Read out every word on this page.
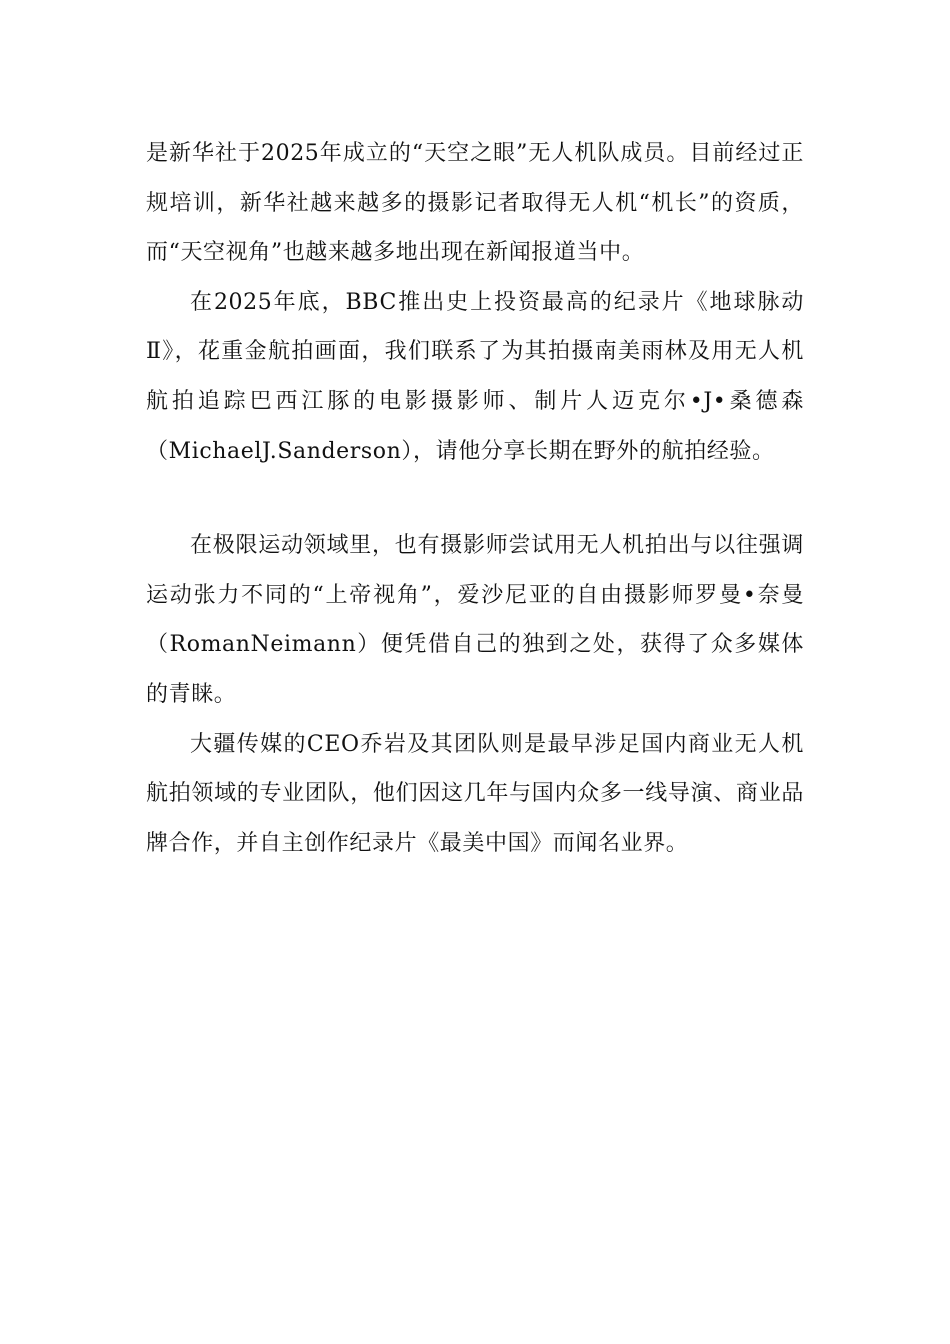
是新华社于2025年成立的“天空之眼”无人机队成员。目前经过正规培训，新华社越来越多的摄影记者取得无人机“机长”的资质，而“天空视角”也越来越多地出现在新闻报道当中。

在2025年底，BBC推出史上投资最高的纪录片《地球脉动Ⅱ》，花重金航拍画面，我们联系了为其拍摄南美雨林及用无人机航拍追踪巴西江豚的电影摄影师、制片人迈克尔•J•桑德森（MichaelJ.Sanderson），请他分享长期在野外的航拍经验。

在极限运动领域里，也有摄影师尝试用无人机拍出与以往强调运动张力不同的“上帝视角”，爱沙尼亚的自由摄影师罗曼•奈曼（RomanNeimann）便凭借自己的独到之处，获得了众多媒体的青睐。

大疆传媒的CEO乔岩及其团队则是最早涉足国内商业无人机航拍领域的专业团队，他们因这几年与国内众多一线导演、商业品牌合作，并自主创作纪录片《最美中国》而闻名业界。
